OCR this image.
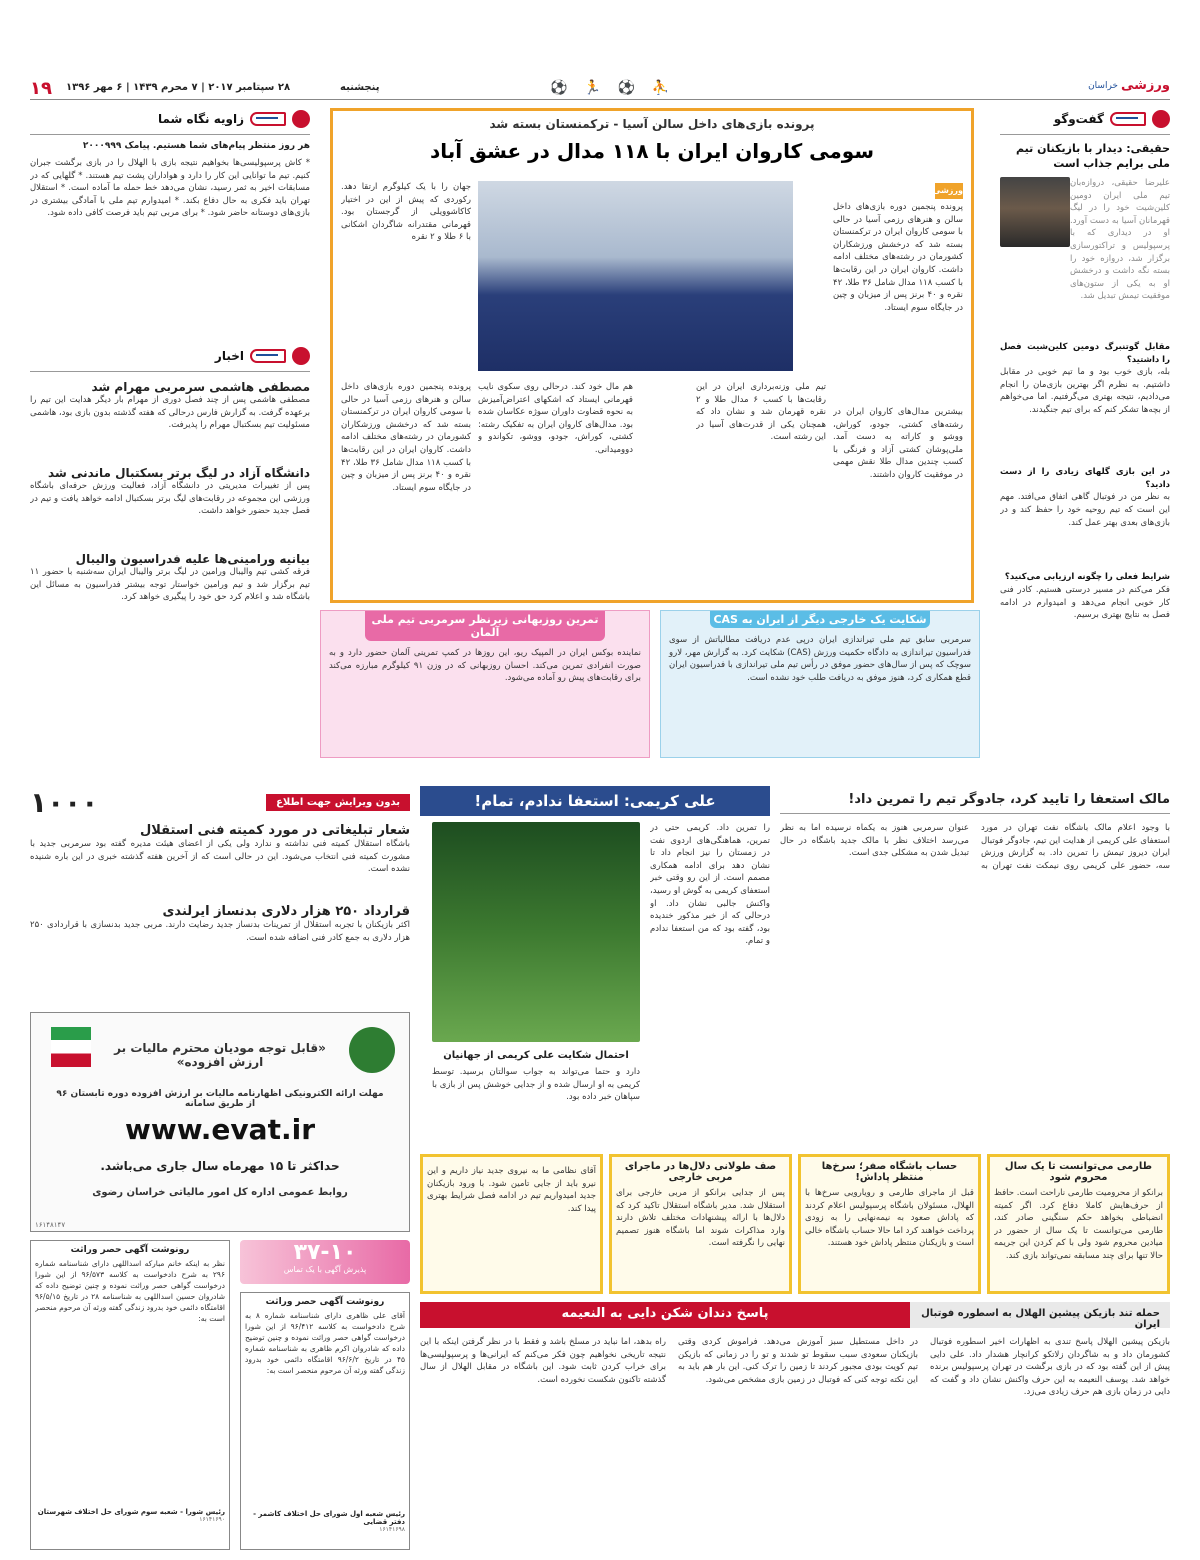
۱۹ ۲۸ سپتامبر ۲۰۱۷ | ۷ محرم ۱۴۳۹ | ۶ مهر ۱۳۹۶	پنجشنبه	⛹ ⚽ 🏃 ⚽	ورزشی
خراسان
گفت‌وگو
حقیقی: دیدار با بازیکنان تیم ملی برایم جذاب است
علیرضا حقیقی، دروازه‌بان تیم ملی ایران دومین کلین‌شیت خود را در لیگ قهرمانان آسیا به دست آورد. او در دیداری که با پرسپولیس و تراکتورسازی برگزار شد، دروازه خود را بسته نگه داشت و درخشش او به یکی از ستون‌های موفقیت تیمش تبدیل شد.
مقابل گوتنبرگ دومین کلین‌شیت فصل را داشتید؟
بله، بازی خوب بود و ما تیم خوبی در مقابل داشتیم. به نظرم اگر بهترین بازی‌مان را انجام می‌دادیم، نتیجه بهتری می‌گرفتیم. اما می‌خواهم از بچه‌ها تشکر کنم که برای تیم جنگیدند.
در این بازی گلهای زیادی را از دست دادید؟
به نظر من در فوتبال گاهی اتفاق می‌افتد. مهم این است که تیم روحیه خود را حفظ کند و در بازی‌های بعدی بهتر عمل کند.
شرایط فعلی را چگونه ارزیابی می‌کنید؟
فکر می‌کنم در مسیر درستی هستیم. کادر فنی کار خوبی انجام می‌دهد و امیدوارم در ادامه فصل به نتایج بهتری برسیم.
پرونده بازی‌های داخل سالن آسیا - ترکمنستان بسته شد
سومی کاروان ایران با ۱۱۸ مدال در عشق آباد
ورزشی
پرونده پنجمین دوره بازی‌های داخل سالن و هنرهای رزمی آسیا در حالی با سومی کاروان ایران در ترکمنستان بسته شد که درخشش ورزشکاران کشورمان در رشته‌های مختلف ادامه داشت. کاروان ایران در این رقابت‌ها با کسب ۱۱۸ مدال شامل ۳۶ طلا، ۴۲ نقره و ۴۰ برنز پس از میزبان و چین در جایگاه سوم ایستاد.
بیشترین مدال‌های کاروان ایران در رشته‌های کشتی، جودو، کوراش، ووشو و کاراته به دست آمد. ملی‌پوشان کشتی آزاد و فرنگی با کسب چندین مدال طلا نقش مهمی در موفقیت کاروان داشتند.
تیم ملی وزنه‌برداری ایران در این رقابت‌ها با کسب ۶ مدال طلا و ۲ نقره قهرمان شد و نشان داد که همچنان یکی از قدرت‌های آسیا در این رشته است.
جهان را با یک کیلوگرم ارتقا دهد. رکوردی که پیش از این در اختیار کاکاشوویلی از گرجستان بود. قهرمانی مقتدرانه شاگردان اشکانی با ۶ طلا و ۲ نقره
هم مال خود کند. درحالی روی سکوی نایب قهرمانی ایستاد که اشکهای اعتراض‌آمیزش به نحوه قضاوت داوران سوژه عکاسان شده بود. مدال‌های کاروان ایران به تفکیک رشته: کشتی، کوراش، جودو، ووشو، تکواندو و دوومیدانی.
پرونده پنجمین دوره بازی‌های داخل سالن و هنرهای رزمی آسیا در حالی با سومی کاروان ایران در ترکمنستان بسته شد که درخشش ورزشکاران کشورمان در رشته‌های مختلف ادامه داشت. کاروان ایران در این رقابت‌ها با کسب ۱۱۸ مدال شامل ۳۶ طلا، ۴۲ نقره و ۴۰ برنز پس از میزبان و چین در جایگاه سوم ایستاد.
زاویه نگاه شما
هر روز منتظر پیام‌های شما هستیم. پیامک ۲۰۰۰۹۹۹
* کاش پرسپولیسی‌ها بخواهیم نتیجه بازی با الهلال را در بازی برگشت جبران کنیم. تیم ما توانایی این کار را دارد و هواداران پشت تیم هستند. * گلهایی که در مسابقات اخیر به ثمر رسید، نشان می‌دهد خط حمله ما آماده است. * استقلال تهران باید فکری به حال دفاع بکند. * امیدوارم تیم ملی با آمادگی بیشتری در بازی‌های دوستانه حاضر شود. * برای مربی تیم باید فرصت کافی داده شود.
اخبار
مصطفی هاشمی سرمربی مهرام شد
مصطفی هاشمی پس از چند فصل دوری از مهرام بار دیگر هدایت این تیم را برعهده گرفت. به گزارش فارس درحالی که هفته گذشته بدون بازی بود، هاشمی مسئولیت تیم بسکتبال مهرام را پذیرفت.
دانشگاه آزاد در لیگ برتر بسکتبال ماندنی شد
پس از تغییرات مدیریتی در دانشگاه آزاد، فعالیت ورزش حرفه‌ای باشگاه ورزشی این مجموعه در رقابت‌های لیگ برتر بسکتبال ادامه خواهد یافت و تیم در فصل جدید حضور خواهد داشت.
بیانیه ورامینی‌ها علیه فدراسیون والیبال
فرقه کشی تیم والیبال ورامین در لیگ برتر والیبال ایران سه‌شنبه با حضور ۱۱ تیم برگزار شد و تیم ورامین خواستار توجه بیشتر فدراسیون به مسائل این باشگاه شد و اعلام کرد حق خود را پیگیری خواهد کرد.
شکایت یک خارجی دیگر از ایران به CAS
سرمربی سابق تیم ملی تیراندازی ایران درپی عدم دریافت مطالباتش از سوی فدراسیون تیراندازی به دادگاه حکمیت ورزش (CAS) شکایت کرد. به گزارش مهر، لارو سوچک که پس از سال‌های حضور موفق در رأس تیم ملی تیراندازی با فدراسیون ایران قطع همکاری کرد، هنوز موفق به دریافت طلب خود نشده است.
تمرین روزبهانی زیرنظر سرمربی تیم ملی آلمان
نماینده بوکس ایران در المپیک ریو، این روزها در کمپ تمرینی آلمان حضور دارد و به صورت انفرادی تمرین می‌کند. احسان روزبهانی که در وزن ۹۱ کیلوگرم مبارزه می‌کند برای رقابت‌های پیش رو آماده می‌شود.
بدون ویرایش جهت اطلاع
۱۰۰۰
شعار تبلیغاتی در مورد کمیته فنی استقلال
باشگاه استقلال کمیته فنی نداشته و ندارد ولی یکی از اعضای هیئت مدیره گفته بود سرمربی جدید با مشورت کمیته فنی انتخاب می‌شود. این در حالی است که از آخرین هفته گذشته خبری در این باره شنیده نشده است.
قرارداد ۲۵۰ هزار دلاری بدنساز ایرلندی
اکثر بازیکنان با تجربه استقلال از تمرینات بدنساز جدید رضایت دارند. مربی جدید بدنسازی با قراردادی ۲۵۰ هزار دلاری به جمع کادر فنی اضافه شده است.
«قابل توجه مودیان محترم مالیات بر ارزش افزوده»
مهلت ارائه الکترونیکی اظهارنامه مالیات بر ارزش افزوده دوره تابستان ۹۶ از طریق سامانه
www.evat.ir
حداکثر تا ۱۵ مهرماه سال جاری می‌باشد.
روابط عمومی اداره کل امور مالیاتی خراسان رضوی
۱۶۱۴۸۱۴۷
۳۷-۱۰
پذیرش آگهی با یک تماس
رونوشت آگهی حصر وراثت
نظر به اینکه خانم مبارکه اسداللهی دارای شناسنامه شماره ۲۹۶ به شرح دادخواست به کلاسه ۹۶/۵۷۳ از این شورا درخواست گواهی حصر وراثت نموده و چنین توضیح داده که شادروان حسین اسداللهی به شناسنامه ۲۸ در تاریخ ۹۶/۵/۱۵ اقامتگاه دائمی خود بدرود زندگی گفته ورثه آن مرحوم منحصر است به:
رئیس شورا - شعبه سوم شورای حل اختلاف شهرستان
۱۶۱۴۱۶۹۰
رونوشت آگهی حصر وراثت
آقای علی ظاهری دارای شناسنامه شماره ۸ به شرح دادخواست به کلاسه ۹۶/۴۱۲ از این شورا درخواست گواهی حصر وراثت نموده و چنین توضیح داده که شادروان اکرم ظاهری به شناسنامه شماره ۴۵ در تاریخ ۹۶/۶/۲ اقامتگاه دائمی خود بدرود زندگی گفته ورثه آن مرحوم منحصر است به:
رئیس شعبه اول شورای حل اختلاف کاشمر - دفتر قضایی
۱۶۱۴۱۶۹۸
علی کریمی: استعفا ندادم، تمام!
را تمرین داد. کریمی حتی در تمرین، هماهنگی‌های اردوی نفت در زمستان را نیز انجام داد تا نشان دهد برای ادامه همکاری مصمم است. از این رو وقتی خبر استعفای کریمی به گوش او رسید، واکنش جالبی نشان داد. او درحالی که از خبر مذکور خندیده بود، گفته بود که من استعفا ندادم و تمام.
احتمال شکایت علی کریمی از جهانیان
دارد و حتما می‌تواند به جواب سوالتان برسید. توسط کریمی به او ارسال شده و از جدایی خوشش پس از بازی با سپاهان خبر داده بود.
مالک استعفا را تایید کرد، جادوگر تیم را تمرین داد!
با وجود اعلام مالک باشگاه نفت تهران در مورد استعفای علی کریمی از هدایت این تیم، جادوگر فوتبال ایران دیروز تیمش را تمرین داد. به گزارش ورزش سه، حضور علی کریمی روی نیمکت نفت تهران به عنوان سرمربی هنوز به یکماه نرسیده اما به نظر می‌رسد اختلاف نظر با مالک جدید باشگاه در حال تبدیل شدن به مشکلی جدی است.
طارمی می‌توانست تا یک سال محروم شود
برانکو از محرومیت طارمی ناراحت است. حافظ از حرف‌هایش کاملا دفاع کرد. اگر کمیته انضباطی بخواهد حکم سنگینی صادر کند، طارمی می‌توانست تا یک سال از حضور در میادین محروم شود ولی با کم کردن این جریمه حالا تنها برای چند مسابقه نمی‌تواند بازی کند.
حساب باشگاه صفر؛ سرخ‌ها منتظر پاداش!
قبل از ماجرای طارمی و رویارویی سرخ‌ها با الهلال، مسئولان باشگاه پرسپولیس اعلام کردند که پاداش صعود به نیمه‌نهایی را به زودی پرداخت خواهند کرد اما حالا حساب باشگاه خالی است و بازیکنان منتظر پاداش خود هستند.
صف طولانی دلال‌ها در ماجرای مربی خارجی
پس از جدایی برانکو از مربی خارجی برای استقلال شد. مدیر باشگاه استقلال تاکید کرد که دلال‌ها با ارائه پیشنهادات مختلف تلاش دارند وارد مذاکرات شوند اما باشگاه هنوز تصمیم نهایی را نگرفته است.
آقای نظامی ما به نیروی جدید نیاز داریم و این نیرو باید از جایی تامین شود. با ورود بازیکنان جدید امیدواریم تیم در ادامه فصل شرایط بهتری پیدا کند.
حمله تند بازیکن پیشین الهلال به اسطوره فوتبال ایران
پاسخ دندان شکن دایی به النعیمه
بازیکن پیشین الهلال پاسخ تندی به اظهارات اخیر اسطوره فوتبال کشورمان داد و به شاگردان زلاتکو کرانچار هشدار داد. علی دایی پیش از این گفته بود که در بازی برگشت در تهران پرسپولیس برنده خواهد شد. یوسف النعیمه به این حرف واکنش نشان داد و گفت که دایی در زمان بازی هم حرف زیادی می‌زد.
در داخل مستطیل سبز آموزش می‌دهد. فراموش کردی وقتی بازیکنان سعودی سبب سقوط تو شدند و تو را در زمانی که بازیکن تیم کویت بودی مجبور کردند تا زمین را ترک کنی. این بار هم باید به این نکته توجه کنی که فوتبال در زمین بازی مشخص می‌شود.
راه بدهد، اما نباید در مسلخ باشد و فقط با در نظر گرفتن اینکه با این نتیجه تاریخی نخواهیم چون فکر می‌کنم که ایرانی‌ها و پرسپولیسی‌ها برای خراب کردن ثابت شود. این باشگاه در مقابل الهلال از سال گذشته تاکنون شکست نخورده است.
